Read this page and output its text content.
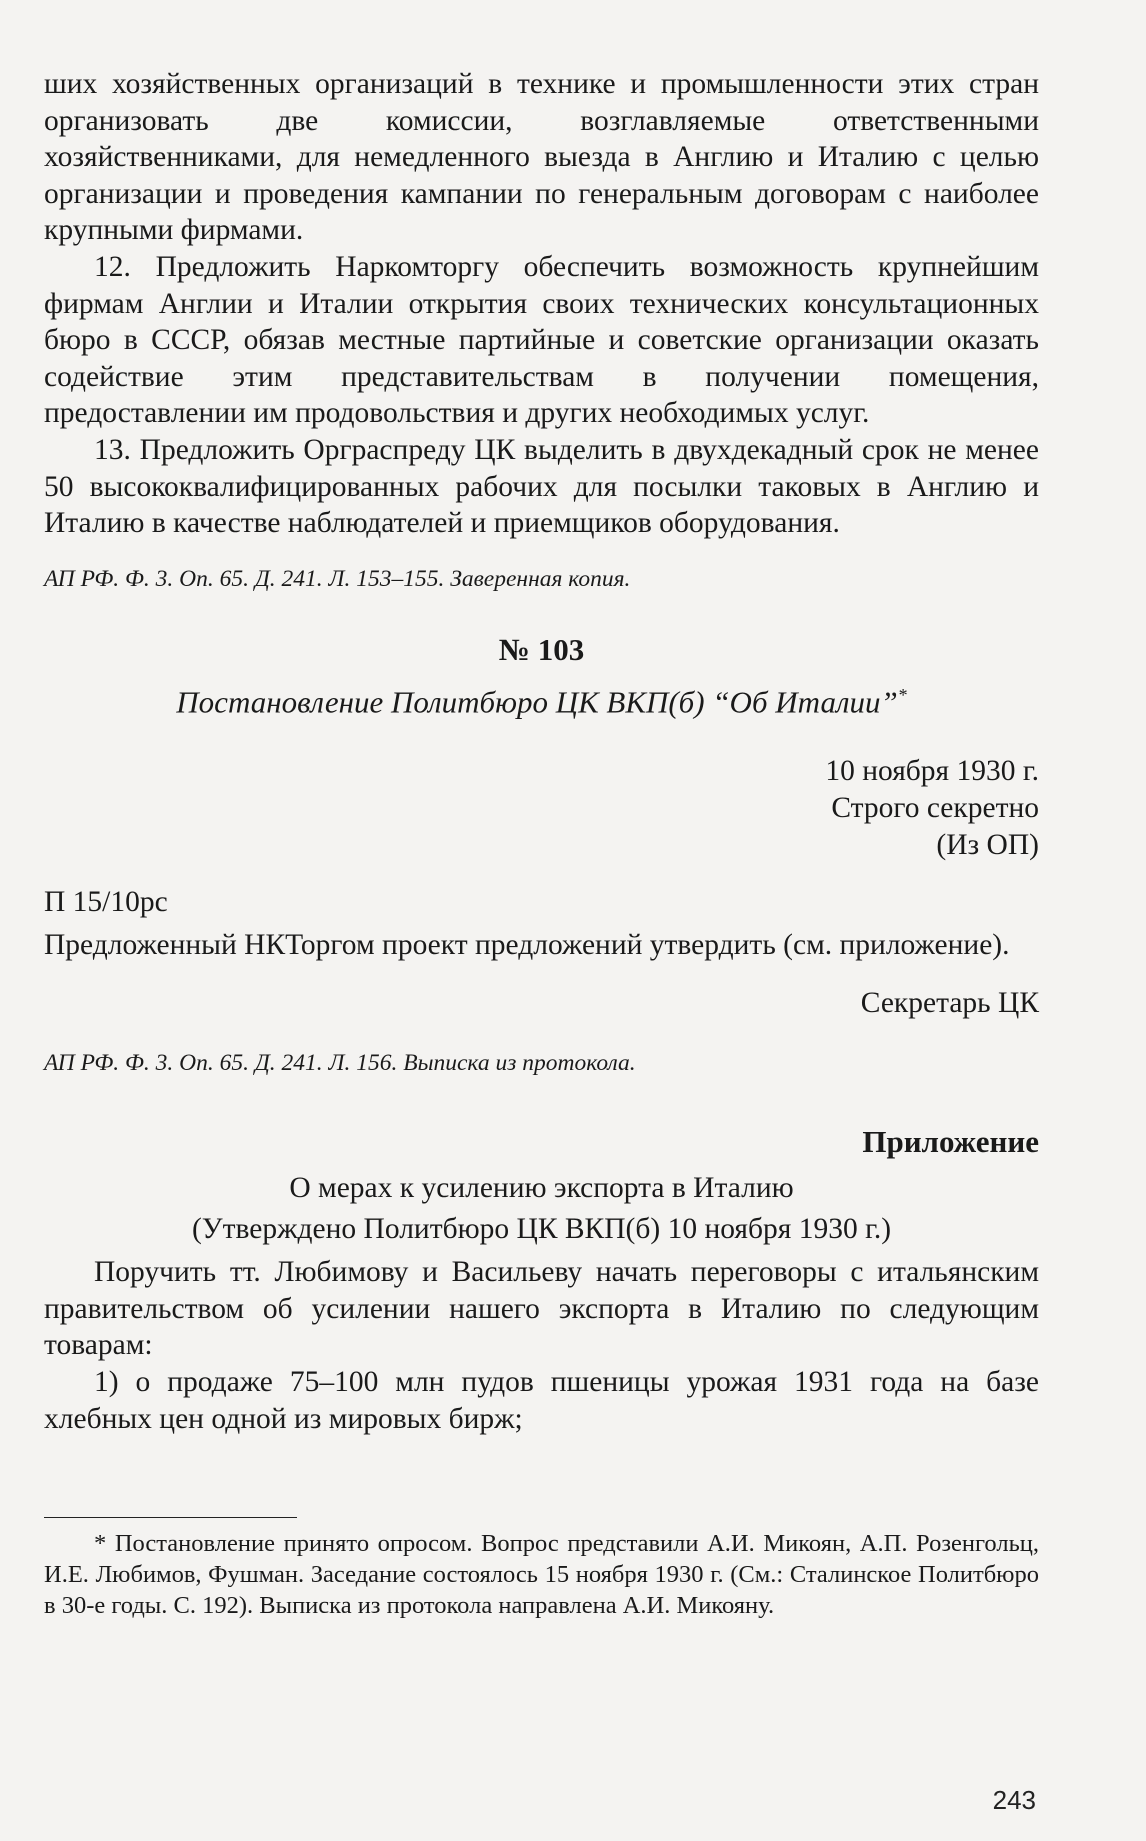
ших хозяйственных организаций в технике и промышленности этих стран организовать две комиссии, возглавляемые ответственными хозяйственниками, для немедленного выезда в Англию и Италию с целью организации и проведения кампании по генеральным договорам с наиболее крупными фирмами.

12. Предложить Наркомторгу обеспечить возможность крупнейшим фирмам Англии и Италии открытия своих технических консультационных бюро в СССР, обязав местные партийные и советские организации оказать содействие этим представительствам в получении помещения, предоставлении им продовольствия и других необходимых услуг.

13. Предложить Орграспреду ЦК выделить в двухдекадный срок не менее 50 высококвалифицированных рабочих для посылки таковых в Англию и Италию в качестве наблюдателей и приемщиков оборудования.

АП РФ. Ф. 3. Оп. 65. Д. 241. Л. 153–155. Заверенная копия.

№ 103

Постановление Политбюро ЦК ВКП(б) “Об Италии”*

10 ноября 1930 г.

Строго секретно

(Из ОП)

П 15/10рс

Предложенный НКТоргом проект предложений утвердить (см. приложение).

Секретарь ЦК

АП РФ. Ф. 3. Оп. 65. Д. 241. Л. 156. Выписка из протокола.

Приложение

О мерах к усилению экспорта в Италию

(Утверждено Политбюро ЦК ВКП(б) 10 ноября 1930 г.)

Поручить тт. Любимову и Васильеву начать переговоры с итальянским правительством об усилении нашего экспорта в Италию по следующим товарам:

1) о продаже 75–100 млн пудов пшеницы урожая 1931 года на базе хлебных цен одной из мировых бирж;

* Постановление принято опросом. Вопрос представили А.И. Микоян, А.П. Розенгольц, И.Е. Любимов, Фушман. Заседание состоялось 15 ноября 1930 г. (См.: Сталинское Политбюро в 30-е годы. С. 192). Выписка из протокола направлена А.И. Микояну.

243
